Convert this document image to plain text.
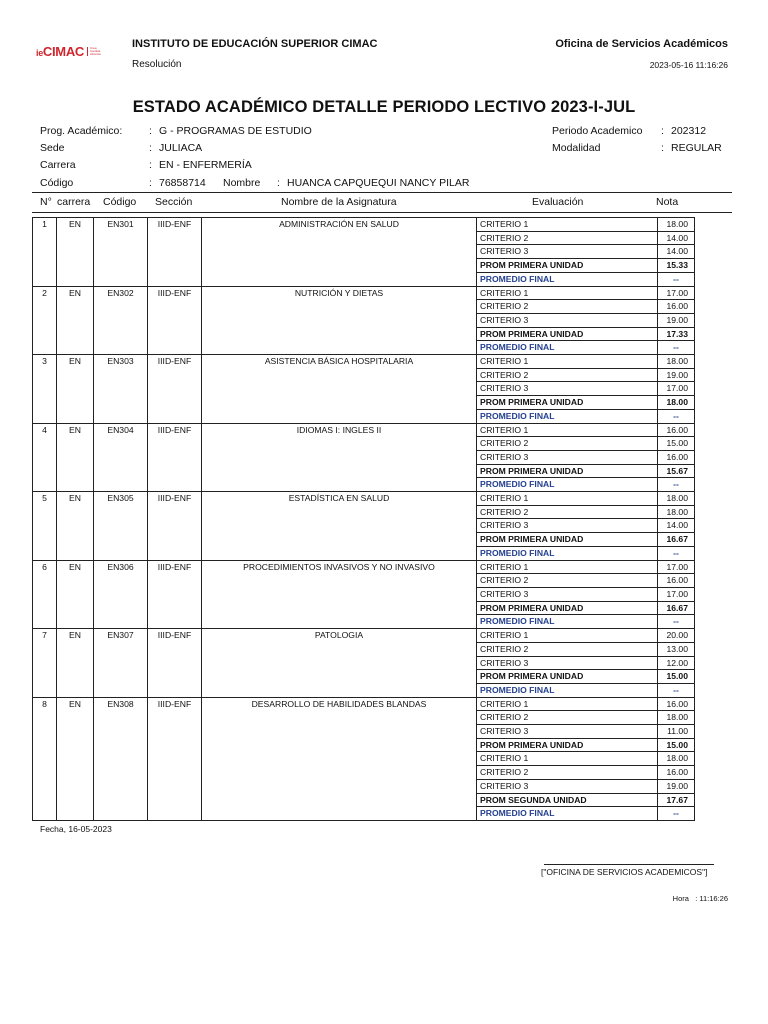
ieCIMAC Crea Cambia Alcanza
INSTITUTO DE EDUCACIÓN SUPERIOR CIMAC
Resolución
Oficina de Servicios Académicos
2023-05-16 11:16:26
ESTADO ACADÉMICO DETALLE PERIODO LECTIVO 2023-I-JUL
Prog. Académico:	: G - PROGRAMAS DE ESTUDIO
Sede	: JULIACA
Carrera	: EN - ENFERMERÍA
Código	: 76858714 Nombre : HUANCA CAPQUEQUI NANCY PILAR
Periodo Academico : 202312
Modalidad	: REGULAR
N° carrera Código Sección	Nombre de la Asignatura	Evaluación	Nota
1	EN	EN301	IIID-ENF	ADMINISTRACIÓN EN SALUD	CRITERIO 1	18.00
					CRITERIO 2	14.00
					CRITERIO 3	14.00
					PROM PRIMERA UNIDAD	15.33
					PROMEDIO FINAL	--
2	EN	EN302	IIID-ENF	NUTRICIÓN Y DIETAS	CRITERIO 1	17.00
					CRITERIO 2	16.00
					CRITERIO 3	19.00
					PROM PRIMERA UNIDAD	17.33
					PROMEDIO FINAL	--
3	EN	EN303	IIID-ENF	ASISTENCIA BÁSICA HOSPITALARIA	CRITERIO 1	18.00
					CRITERIO 2	19.00
					CRITERIO 3	17.00
					PROM PRIMERA UNIDAD	18.00
					PROMEDIO FINAL	--
4	EN	EN304	IIID-ENF	IDIOMAS I: INGLES II	CRITERIO 1	16.00
					CRITERIO 2	15.00
					CRITERIO 3	16.00
					PROM PRIMERA UNIDAD	15.67
					PROMEDIO FINAL	--
5	EN	EN305	IIID-ENF	ESTADÍSTICA EN SALUD	CRITERIO 1	18.00
					CRITERIO 2	18.00
					CRITERIO 3	14.00
					PROM PRIMERA UNIDAD	16.67
					PROMEDIO FINAL	--
6	EN	EN306	IIID-ENF	PROCEDIMIENTOS INVASIVOS Y NO INVASIVO	CRITERIO 1	17.00
					CRITERIO 2	16.00
					CRITERIO 3	17.00
					PROM PRIMERA UNIDAD	16.67
					PROMEDIO FINAL	--
7	EN	EN307	IIID-ENF	PATOLOGIA	CRITERIO 1	20.00
					CRITERIO 2	13.00
					CRITERIO 3	12.00
					PROM PRIMERA UNIDAD	15.00
					PROMEDIO FINAL	--
8	EN	EN308	IIID-ENF	DESARROLLO DE HABILIDADES BLANDAS	CRITERIO 1	16.00
					CRITERIO 2	18.00
					CRITERIO 3	11.00
					PROM PRIMERA UNIDAD	15.00
					CRITERIO 1	18.00
					CRITERIO 2	16.00
					CRITERIO 3	19.00
					PROM SEGUNDA UNIDAD	17.67
					PROMEDIO FINAL	--
Fecha, 16-05-2023
["OFICINA DE SERVICIOS ACADEMICOS"]
Hora : 11:16:26
